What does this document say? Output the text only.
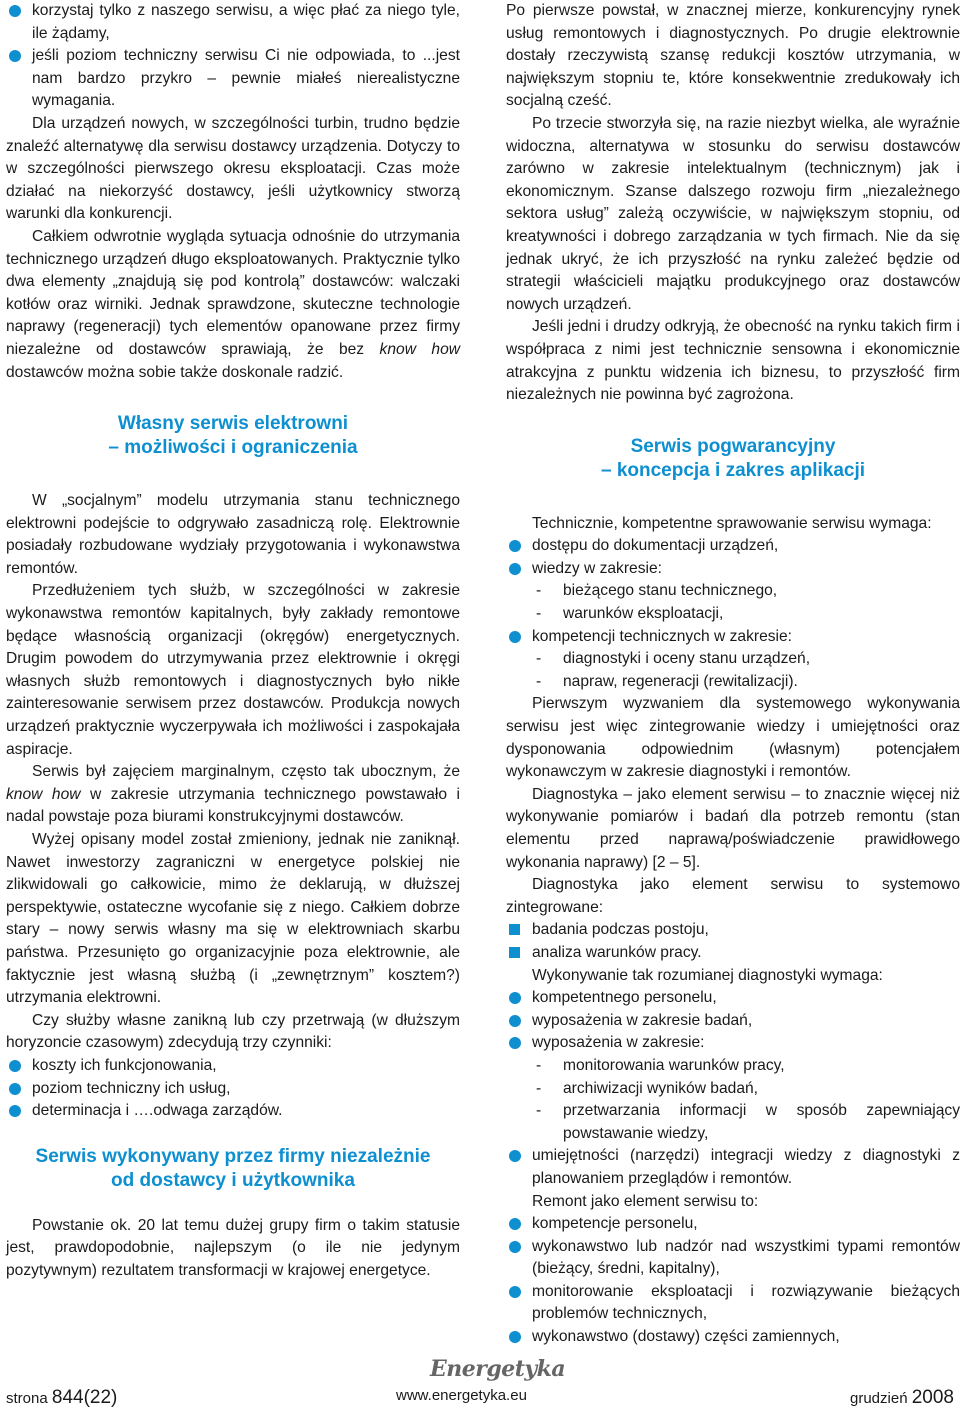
korzystaj tylko z naszego serwisu, a więc płać za niego tyle, ile żądamy,
jeśli poziom techniczny serwisu Ci nie odpowiada, to ...jest nam bardzo przykro – pewnie miałeś nierealistyczne wymagania.

Dla urządzeń nowych, w szczególności turbin, trudno będzie znaleźć alternatywę dla serwisu dostawcy urządzenia. Dotyczy to w szczególności pierwszego okresu eksploatacji. Czas może działać na niekorzyść dostawcy, jeśli użytkownicy stworzą warunki dla konkurencji.

Całkiem odwrotnie wygląda sytuacja odnośnie do utrzymania technicznego urządzeń długo eksploatowanych. Praktycznie tylko dwa elementy „znajdują się pod kontrolą” dostawców: walczaki kotłów oraz wirniki. Jednak sprawdzone, skuteczne technologie naprawy (regeneracji) tych elementów opanowane przez firmy niezależne od dostawców sprawiają, że bez know how dostawców można sobie także doskonale radzić.

Własny serwis elektrowni
– możliwości i ograniczenia

W „socjalnym” modelu utrzymania stanu technicznego elektrowni podejście to odgrywało zasadniczą rolę. Elektrownie posiadały rozbudowane wydziały przygotowania i wykonawstwa remontów.

Przedłużeniem tych służb, w szczególności w zakresie wykonawstwa remontów kapitalnych, były zakłady remontowe będące własnością organizacji (okręgów) energetycznych. Drugim powodem do utrzymywania przez elektrownie i okręgi własnych służb remontowych i diagnostycznych było nikłe zainteresowanie serwisem przez dostawców. Produkcja nowych urządzeń praktycznie wyczerpywała ich możliwości i zaspokajała aspiracje.

Serwis był zajęciem marginalnym, często tak ubocznym, że know how w zakresie utrzymania technicznego powstawało i nadal powstaje poza biurami konstrukcyjnymi dostawców.

Wyżej opisany model został zmieniony, jednak nie zaniknął. Nawet inwestorzy zagraniczni w energetyce polskiej nie zlikwidowali go całkowicie, mimo że deklarują, w dłuższej perspektywie, ostateczne wycofanie się z niego. Całkiem dobrze stary – nowy serwis własny ma się w elektrowniach skarbu państwa. Przesunięto go organizacyjnie poza elektrownie, ale faktycznie jest własną służbą (i „zewnętrznym” kosztem?) utrzymania elektrowni.

Czy służby własne zanikną lub czy przetrwają (w dłuższym horyzoncie czasowym) zdecydują trzy czynniki:

koszty ich funkcjonowania,
poziom techniczny ich usług,
determinacja i ….odwaga zarządów.
Serwis wykonywany przez firmy niezależnie
od dostawcy i użytkownika

Powstanie ok. 20 lat temu dużej grupy firm o takim statusie jest, prawdopodobnie, najlepszym (o ile nie jedynym pozytywnym) rezultatem transformacji w krajowej energetyce.

Po pierwsze powstał, w znacznej mierze, konkurencyjny rynek usług remontowych i diagnostycznych. Po drugie elektrownie dostały rzeczywistą szansę redukcji kosztów utrzymania, w największym stopniu te, które konsekwentnie zredukowały ich socjalną cześć.

Po trzecie stworzyła się, na razie niezbyt wielka, ale wyraźnie widoczna, alternatywa w stosunku do serwisu dostawców zarówno w zakresie intelektualnym (technicznym) jak i ekonomicznym. Szanse dalszego rozwoju firm „niezależnego sektora usług” zależą oczywiście, w największym stopniu, od kreatywności i dobrego zarządzania w tych firmach. Nie da się jednak ukryć, że ich przyszłość na rynku zależeć będzie od strategii właścicieli majątku produkcyjnego oraz dostawców nowych urządzeń.

Jeśli jedni i drudzy odkryją, że obecność na rynku takich firm i współpraca z nimi jest technicznie sensowna i ekonomicznie atrakcyjna z punktu widzenia ich biznesu, to przyszłość firm niezależnych nie powinna być zagrożona.

Serwis pogwarancyjny
– koncepcja i zakres aplikacji

Technicznie, kompetentne sprawowanie serwisu wymaga:

dostępu do dokumentacji urządzeń,
wiedzy w zakresie:
- bieżącego stanu technicznego,
- warunków eksploatacji,
kompetencji technicznych w zakresie:
- diagnostyki i oceny stanu urządzeń,
- napraw, regeneracji (rewitalizacji).

Pierwszym wyzwaniem dla systemowego wykonywania serwisu jest więc zintegrowanie wiedzy i umiejętności oraz dysponowania odpowiednim (własnym) potencjałem wykonawczym w zakresie diagnostyki i remontów.

Diagnostyka – jako element serwisu – to znacznie więcej niż wykonywanie pomiarów i badań dla potrzeb remontu (stan elementu przed naprawą/poświadczenie prawidłowego wykonania naprawy) [2 – 5].

Diagnostyka jako element serwisu to systemowo zintegrowane:

badania podczas postoju,
analiza warunków pracy.

Wykonywanie tak rozumianej diagnostyki wymaga:

kompetentnego personelu,
wyposażenia w zakresie badań,
wyposażenia w zakresie:
- monitorowania warunków pracy,
- archiwizacji wyników badań,
- przetwarzania informacji w sposób zapewniający powstawanie wiedzy,
umiejętności (narzędzi) integracji wiedzy z diagnostyki z planowaniem przeglądów i remontów.

Remont jako element serwisu to:

kompetencje personelu,
wykonawstwo lub nadzór nad wszystkimi typami remontów (bieżący, średni, kapitalny),
monitorowanie eksploatacji i rozwiązywanie bieżących problemów technicznych,
wykonawstwo (dostawy) części zamiennych,
Energetyka
strona 844(22)	www.energetyka.eu	grudzień 2008
